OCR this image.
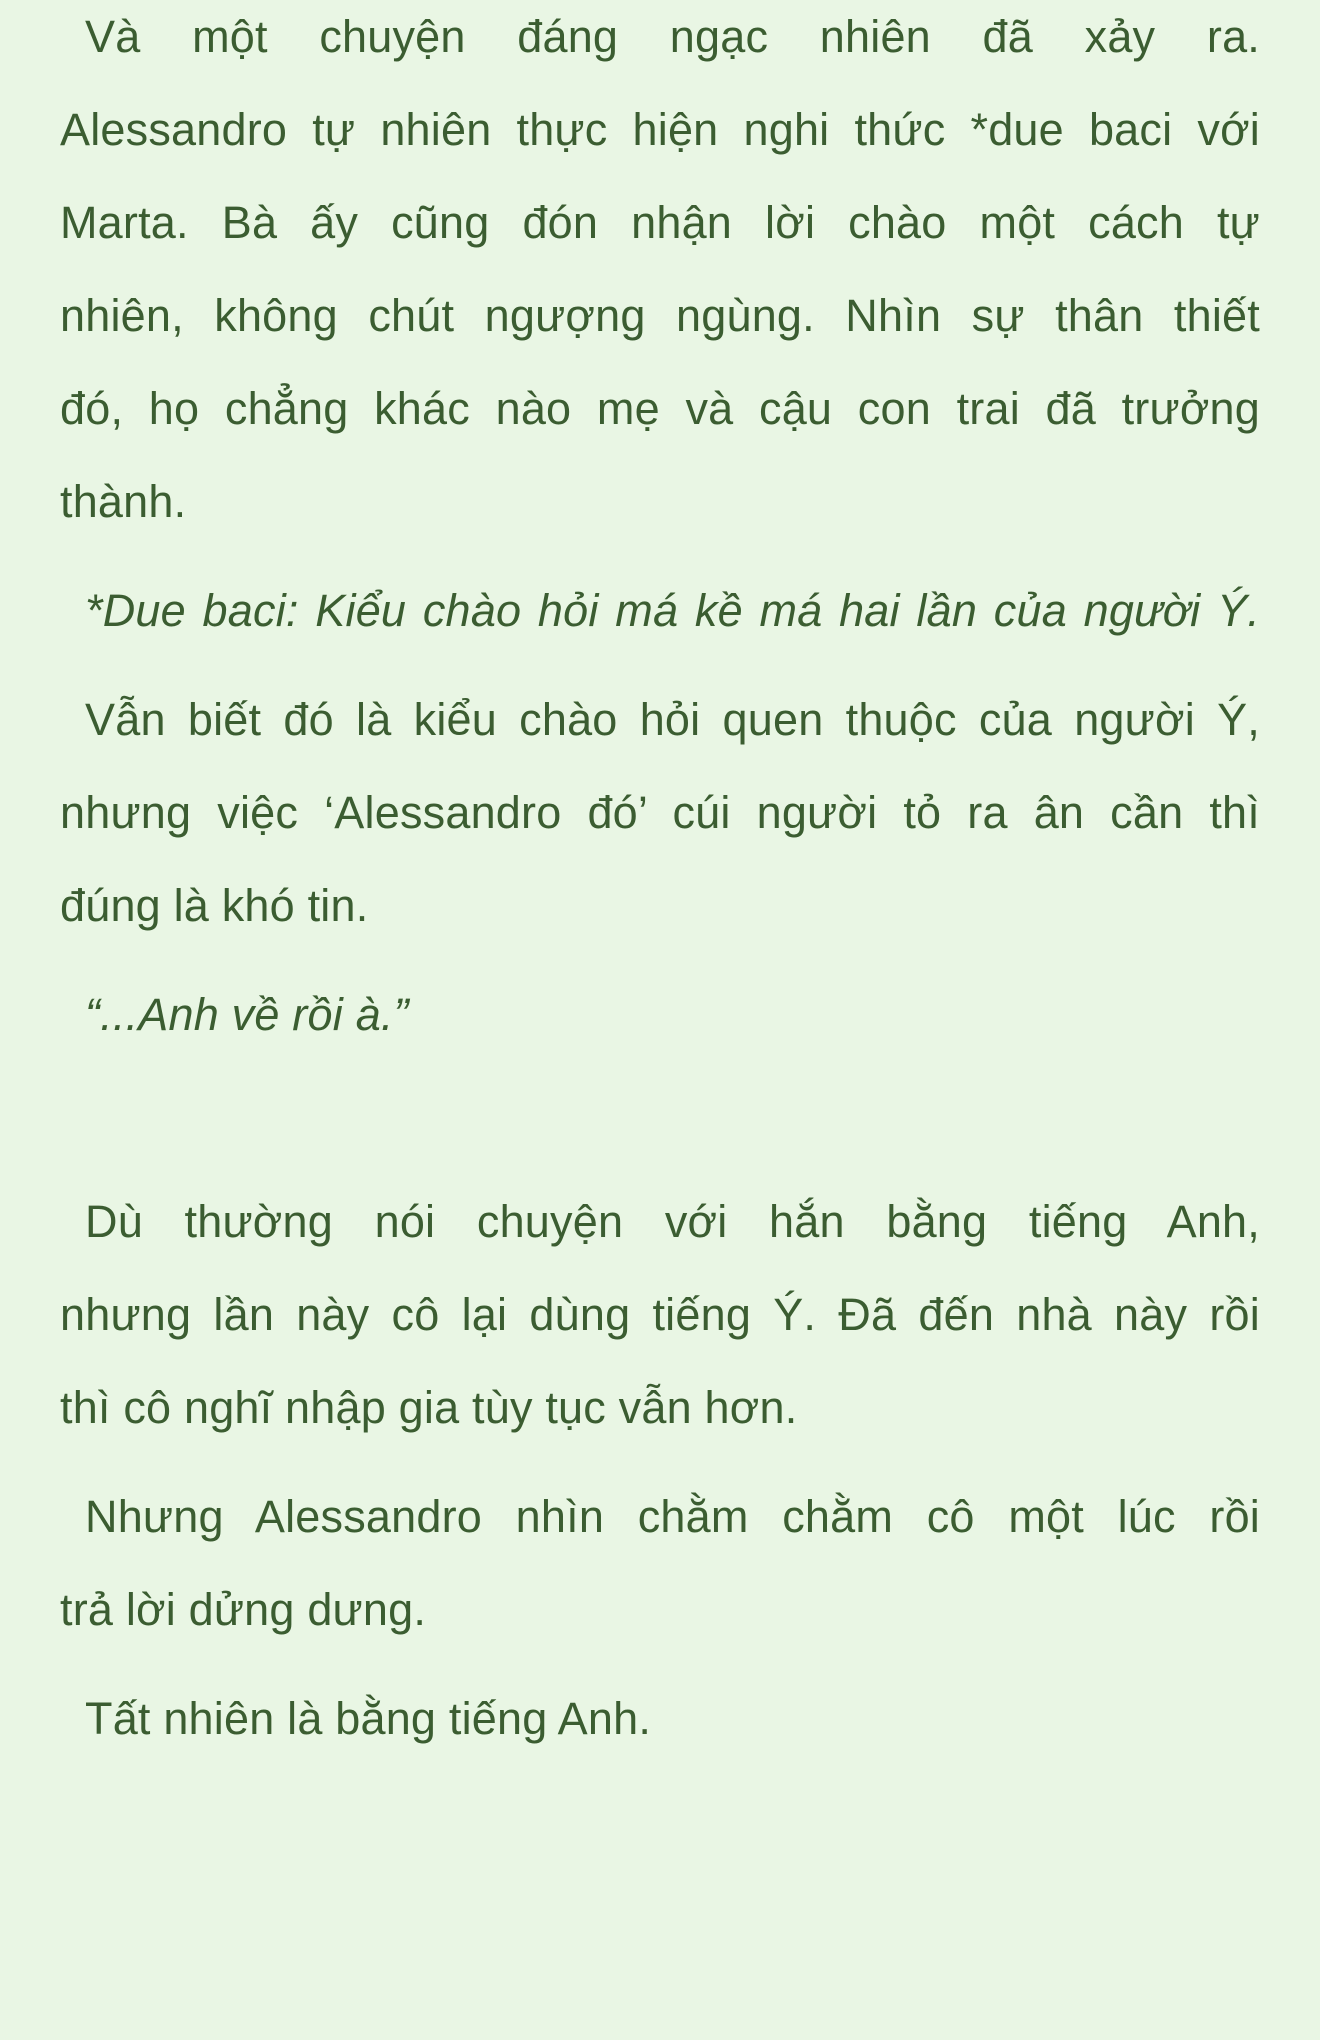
Và một chuyện đáng ngạc nhiên đã xảy ra.
Alessandro tự nhiên thực hiện nghi thức *due baci với
Marta. Bà ấy cũng đón nhận lời chào một cách tự
nhiên, không chút ngượng ngùng. Nhìn sự thân thiết
đó, họ chẳng khác nào mẹ và cậu con trai đã trưởng
thành.
*Due baci: Kiểu chào hỏi má kề má hai lần của người Ý.
Vẫn biết đó là kiểu chào hỏi quen thuộc của người Ý,
nhưng việc ‘Alessandro đó’ cúi người tỏ ra ân cần thì
đúng là khó tin.
“...Anh về rồi à.”
Dù thường nói chuyện với hắn bằng tiếng Anh,
nhưng lần này cô lại dùng tiếng Ý. Đã đến nhà này rồi
thì cô nghĩ nhập gia tùy tục vẫn hơn.
Nhưng Alessandro nhìn chằm chằm cô một lúc rồi
trả lời dửng dưng.
Tất nhiên là bằng tiếng Anh.
